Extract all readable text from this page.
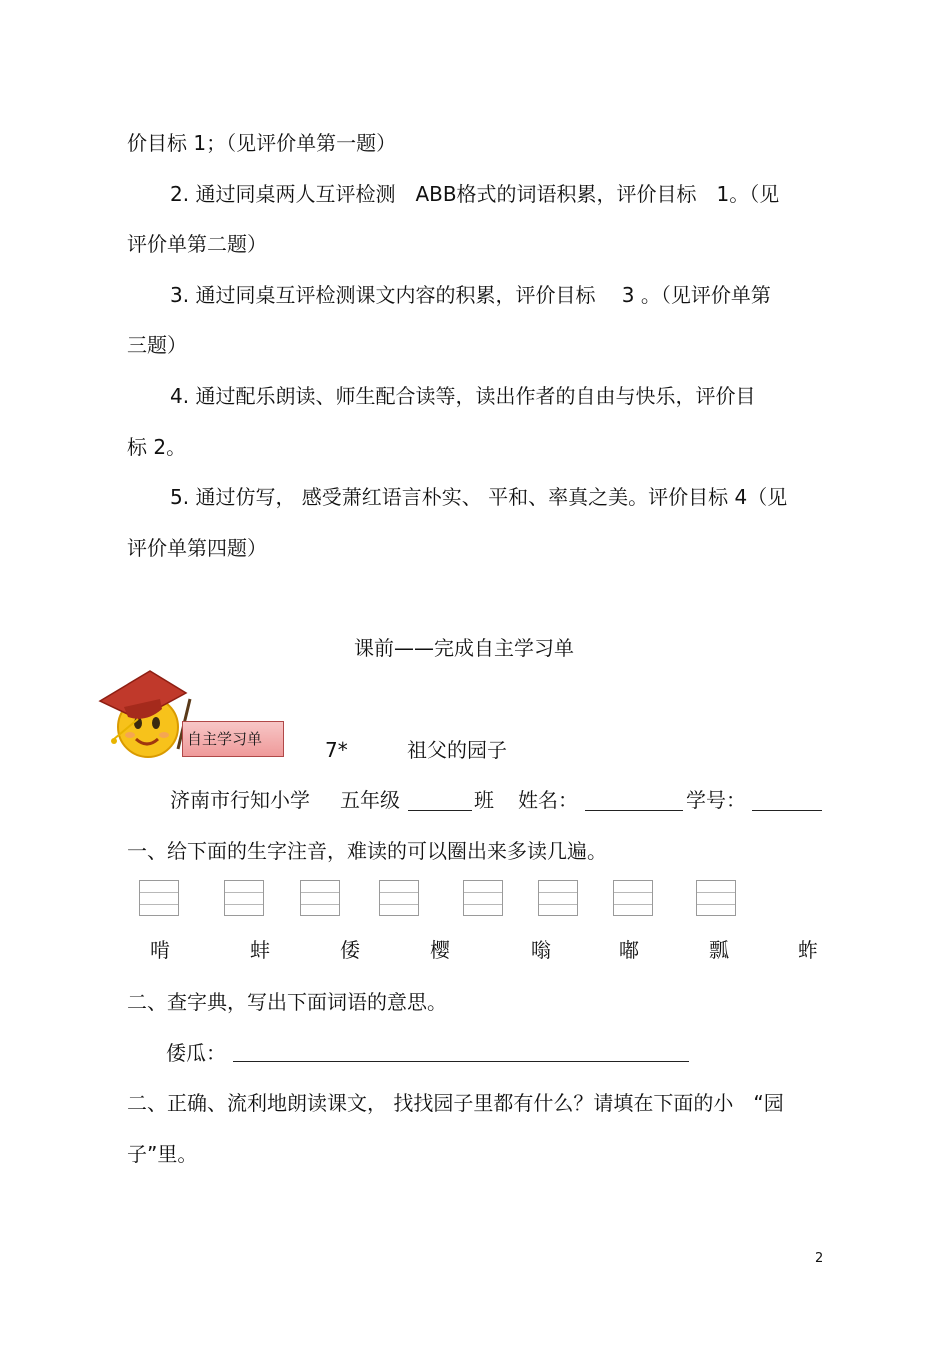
价目标 1；（见评价单第一题）
2. 通过同桌两人互评检测　ABB格式的词语积累，评价目标　1。（见
评价单第二题）
3. 通过同桌互评检测课文内容的积累，评价目标　 3 。（见评价单第
三题）
4. 通过配乐朗读、师生配合读等，读出作者的自由与快乐，评价目
标 2。
5. 通过仿写， 感受萧红语言朴实、 平和、率真之美。评价目标 4（见
评价单第四题）
课前——完成自主学习单
自主学习单	7*	祖父的园子
济南市行知小学 五年级	班 姓名：	学号：
一、给下面的生字注音，难读的可以圈出来多读几遍。
啃	蚌	倭	樱	嗡	嘟	瓢	蚱
二、查字典，写出下面词语的意思。
倭瓜：
二、正确、流利地朗读课文， 找找园子里都有什么？请填在下面的小　“园
子”里。
2
